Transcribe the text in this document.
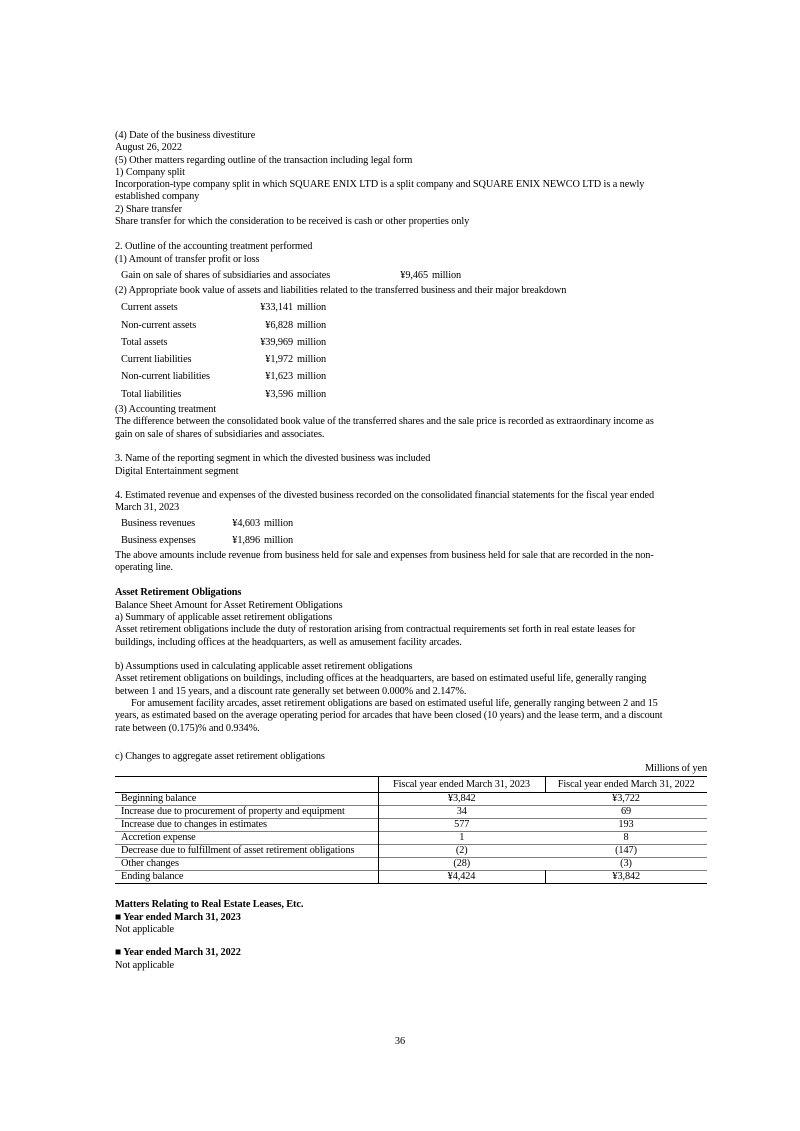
(4) Date of the business divestiture

August 26, 2022

(5) Other matters regarding outline of the transaction including legal form

1) Company split

Incorporation-type company split in which SQUARE ENIX LTD is a split company and SQUARE ENIX NEWCO LTD is a newly

established company

2) Share transfer

Share transfer for which the consideration to be received is cash or other properties only

2. Outline of the accounting treatment performed

(1) Amount of transfer profit or loss

Gain on sale of shares of subsidiaries and associates	¥9,465 million

(2) Appropriate book value of assets and liabilities related to the transferred business and their major breakdown

Current assets	¥33,141 million
Non-current assets	¥6,828 million
Total assets	¥39,969 million
Current liabilities	¥1,972 million
Non-current liabilities	¥1,623 million
Total liabilities	¥3,596 million

(3) Accounting treatment

The difference between the consolidated book value of the transferred shares and the sale price is recorded as extraordinary income as

gain on sale of shares of subsidiaries and associates.

3. Name of the reporting segment in which the divested business was included

Digital Entertainment segment

4. Estimated revenue and expenses of the divested business recorded on the consolidated financial statements for the fiscal year ended

March 31, 2023

Business revenues	¥4,603 million
Business expenses	¥1,896 million

The above amounts include revenue from business held for sale and expenses from business held for sale that are recorded in the non-

operating line.

Asset Retirement Obligations

Balance Sheet Amount for Asset Retirement Obligations

a) Summary of applicable asset retirement obligations

Asset retirement obligations include the duty of restoration arising from contractual requirements set forth in real estate leases for

buildings, including offices at the headquarters, as well as amusement facility arcades.

b) Assumptions used in calculating applicable asset retirement obligations

Asset retirement obligations on buildings, including offices at the headquarters, are based on estimated useful life, generally ranging

between 1 and 15 years, and a discount rate generally set between 0.000% and 2.147%.

For amusement facility arcades, asset retirement obligations are based on estimated useful life, generally ranging between 2 and 15

years, as estimated based on the average operating period for arcades that have been closed (10 years) and the lease term, and a discount

rate between (0.175)% and 0.934%.

c) Changes to aggregate asset retirement obligations

Millions of yen

	Fiscal year ended March 31, 2023	Fiscal year ended March 31, 2022
Beginning balance	¥3,842	¥3,722
Increase due to procurement of property and equipment	34	69
Increase due to changes in estimates	577	193
Accretion expense	1	8
Decrease due to fulfillment of asset retirement obligations	(2)	(147)
Other changes	(28)	(3)
Ending balance	¥4,424	¥3,842

Matters Relating to Real Estate Leases, Etc.

■ Year ended March 31, 2023

Not applicable

■ Year ended March 31, 2022

Not applicable

36
